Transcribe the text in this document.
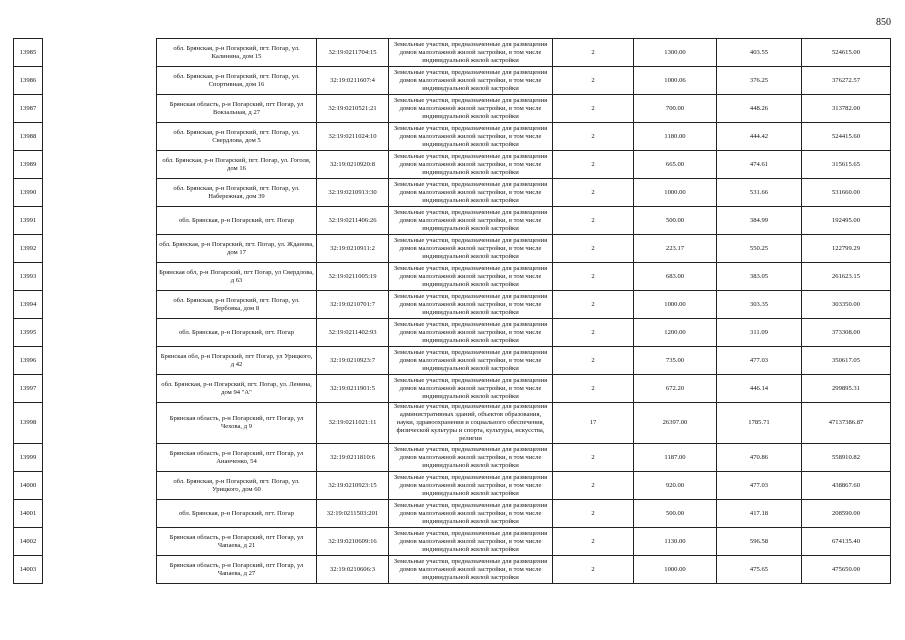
850
13985		обл. Брянская, р-н Погарский, пгт. Погар, ул. Калинина, дом 15	32:19:0211704:15	Земельные участки, предназначенные для размещения домов малоэтажной жилой застройки, в том числе индивидуальной жилой застройки	2	1300.00	403.55	524615.00
13986		обл. Брянская, р-н Погарский, пгт. Погар, ул. Спортивная, дом 16	32:19:0211607:4	Земельные участки, предназначенные для размещения домов малоэтажной жилой застройки, в том числе индивидуальной жилой застройки	2	1000.06	376.25	376272.57
13987		Брянская область, р-н Погарский, пгт Погар, ул Вокзальная, д 27	32:19:0210521:21	Земельные участки, предназначенные для размещения домов малоэтажной жилой застройки, в том числе индивидуальной жилой застройки	2	700.00	448.26	313782.00
13988		обл. Брянская, р-н Погарский, пгт. Погар, ул. Свердлова, дом 5	32:19:0211024:10	Земельные участки, предназначенные для размещения домов малоэтажной жилой застройки, в том числе индивидуальной жилой застройки	2	1180.00	444.42	524415.60
13989		обл. Брянская, р-н Погарский, пгт. Погар, ул. Гоголя, дом 16	32:19:0210920:8	Земельные участки, предназначенные для размещения домов малоэтажной жилой застройки, в том числе индивидуальной жилой застройки	2	665.00	474.61	315615.65
13990		обл. Брянская, р-н Погарский, пгт. Погар, ул. Набережная, дом 39	32:19:0210913:30	Земельные участки, предназначенные для размещения домов малоэтажной жилой застройки, в том числе индивидуальной жилой застройки	2	1000.00	531.66	531660.00
13991		обл. Брянская, р-н Погарский, пгт. Погар	32:19:0211406:26	Земельные участки, предназначенные для размещения домов малоэтажной жилой застройки, в том числе индивидуальной жилой застройки	2	500.00	384.99	192495.00
13992		обл. Брянская, р-н Погарский, пгт. Погар, ул. Жданова, дом 17	32:19:0210911:2	Земельные участки, предназначенные для размещения домов малоэтажной жилой застройки, в том числе индивидуальной жилой застройки	2	223.17	550.25	122799.29
13993		Брянская обл, р-н Погарский, пгт Погар, ул Свердлова, д 63	32:19:0211005:19	Земельные участки, предназначенные для размещения домов малоэтажной жилой застройки, в том числе индивидуальной жилой застройки	2	683.00	383.05	261623.15
13994		обл. Брянская, р-н Погарский, пгт. Погар, ул. Вербовка, дом 8	32:19:0210701:7	Земельные участки, предназначенные для размещения домов малоэтажной жилой застройки, в том числе индивидуальной жилой застройки	2	1000.00	303.35	303350.00
13995		обл. Брянская, р-н Погарский, пгт. Погар	32:19:0211402:93	Земельные участки, предназначенные для размещения домов малоэтажной жилой застройки, в том числе индивидуальной жилой застройки	2	1200.00	311.09	373308.00
13996		Брянская обл, р-н Погарский, пгт Погар, ул Урицкого, д 42	32:19:0210923:7	Земельные участки, предназначенные для размещения домов малоэтажной жилой застройки, в том числе индивидуальной жилой застройки	2	735.00	477.03	350617.05
13997		обл. Брянская, р-н Погарский, пгт. Погар, ул. Ленина, дом 94 "А"	32:19:0211901:5	Земельные участки, предназначенные для размещения домов малоэтажной жилой застройки, в том числе индивидуальной жилой застройки	2	672.20	446.14	299895.31
13998		Брянская область, р-н Погарский, пгт Погар, ул Чехова, д 9	32:19:0211021:11	Земельные участки, предназначенные для размещения административных зданий, объектов образования, науки, здравоохранения и социального обеспечения, физической культуры и спорта, культуры, искусства, религии	17	26397.00	1785.71	47137386.87
13999		Брянская область, р-н Погарский, пгт Погар, ул Ананченко, 54	32:19:0211810:6	Земельные участки, предназначенные для размещения домов малоэтажной жилой застройки, в том числе индивидуальной жилой застройки	2	1187.00	470.86	558910.82
14000		обл. Брянская, р-н Погарский, пгт. Погар, ул. Урицкого, дом 60	32:19:0210923:15	Земельные участки, предназначенные для размещения домов малоэтажной жилой застройки, в том числе индивидуальной жилой застройки	2	920.00	477.03	438867.60
14001		обл. Брянская, р-н Погарский, пгт. Погар	32:19:0211503:201	Земельные участки, предназначенные для размещения домов малоэтажной жилой застройки, в том числе индивидуальной жилой застройки	2	500.00	417.18	208590.00
14002		Брянская область, р-н Погарский, пгт Погар, ул Чапаева, д 21	32:19:0210609:16	Земельные участки, предназначенные для размещения домов малоэтажной жилой застройки, в том числе индивидуальной жилой застройки	2	1130.00	596.58	674135.40
14003		Брянская область, р-н Погарский, пгт Погар, ул Чапаева, д 27	32:19:0210606:3	Земельные участки, предназначенные для размещения домов малоэтажной жилой застройки, в том числе индивидуальной жилой застройки	2	1000.00	475.65	475650.00
